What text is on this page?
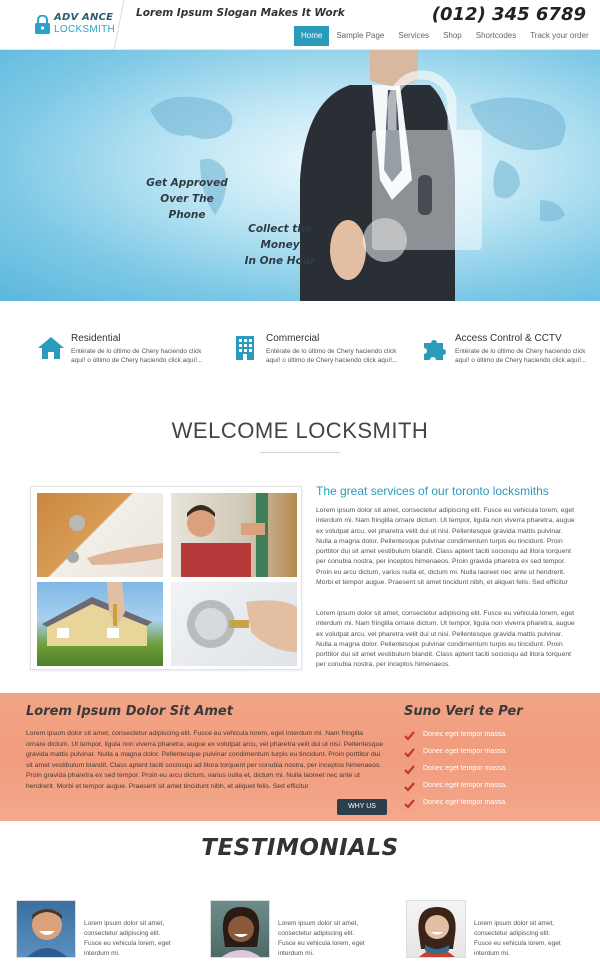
ADV ANCE
LOCKSMITH
Lorem Ipsum Slogan Makes It Work	(012) 345 6789
Home	Sample Page	Services	Shop	Shortcodes	Track your order
Get Approved
Over The Phone
Collect the Money
In One Hour
Residential
Entérate de lo último de Chery haciendo click aquí! o último de Chery haciendo click aquí!...
Commercial
Entérate de lo último de Chery haciendo click aquí! o último de Chery haciendo click aquí!...
Access Control & CCTV
Entérate de lo último de Chery haciendo click aquí! o último de Chery haciendo click aquí!...
WELCOME LOCKSMITH
The great services of our toronto locksmiths
Lorem ipsum dolor sit amet, consectetur adipiscing elit. Fusce eu vehicula lorem, eget interdum mi. Nam fringilla ornare dictum. Ut tempor, ligula non viverra pharetra, augue ex volutpat arcu, vel pharetra velit dui ut nisi. Pellentesque gravida mattis pulvinar. Nulla a magna dolor. Pellentesque pulvinar condimentum turpis eu tincidunt. Proin porttitor dui sit amet vestibulum blandit. Class aptent taciti sociosqu ad litora torquent per conubia nostra, per inceptos himenaeos. Proin gravida pharetra ex sed tempor. Proin eu arcu dictum, varius nulla et, dictum mi. Nulla laoreet nec ante ut hendrerit. Morbi et tempor augue. Praesent sit amet tincidunt nibh, et aliquet felis. Sed efficitur
Lorem ipsum dolor sit amet, consectetur adipiscing elit. Fusce eu vehicula lorem, eget interdum mi. Nam fringilla ornare dictum. Ut tempor, ligula non viverra pharetra, augue ex volutpat arcu, vel pharetra velit dui ut nisi. Pellentesque gravida mattis pulvinar. Nulla a magna dolor. Pellentesque pulvinar condimentum turpis eu tincidunt. Proin porttitor dui sit amet vestibulum blandit. Class aptent taciti sociosqu ad litora torquent per conubia nostra, per inceptos himenaeos.
Lorem Ipsum Dolor Sit Amet
Lorem ipsum dolor sit amet, consectetur adipiscing elit. Fusce eu vehicula lorem, eget interdum mi. Nam fringilla ornare dictum. Ut tempor, ligula non viverra pharetra, augue ex volutpat arcu, vel pharetra velit dui ut nisi. Pellentesque gravida mattis pulvinar. Nulla a magna dolor. Pellentesque pulvinar condimentum turpis eu tincidunt. Proin porttitor dui sit amet vestibulum blandit. Class aptent taciti sociosqu ad litora torquent per conubia nostra, per inceptos himenaeos. Proin gravida pharetra ex sed tempor. Proin eu arcu dictum, varius nulla et, dictum mi. Nulla laoreet nec ante ut hendrerit. Morbi et tempor augue. Praesent sit amet tincidunt nibh, et aliquet felis. Sed efficitur
WHY US
Suno Veri te Per
Donec eget tempor massa.
Donec eget tempor massa.
Donec eget tempor massa.
Donec eget tempor massa.
Donec eget tempor massa.
TESTIMONIALS
Lorem ipsum dolor sit amet, consectetur adipiscing elit. Fusce eu vehicula lorem, eget interdum mi.
Lorem ipsum dolor sit amet, consectetur adipiscing elit. Fusce eu vehicula lorem, eget interdum mi.
Lorem ipsum dolor sit amet, consectetur adipiscing elit. Fusce eu vehicula lorem, eget interdum mi.
